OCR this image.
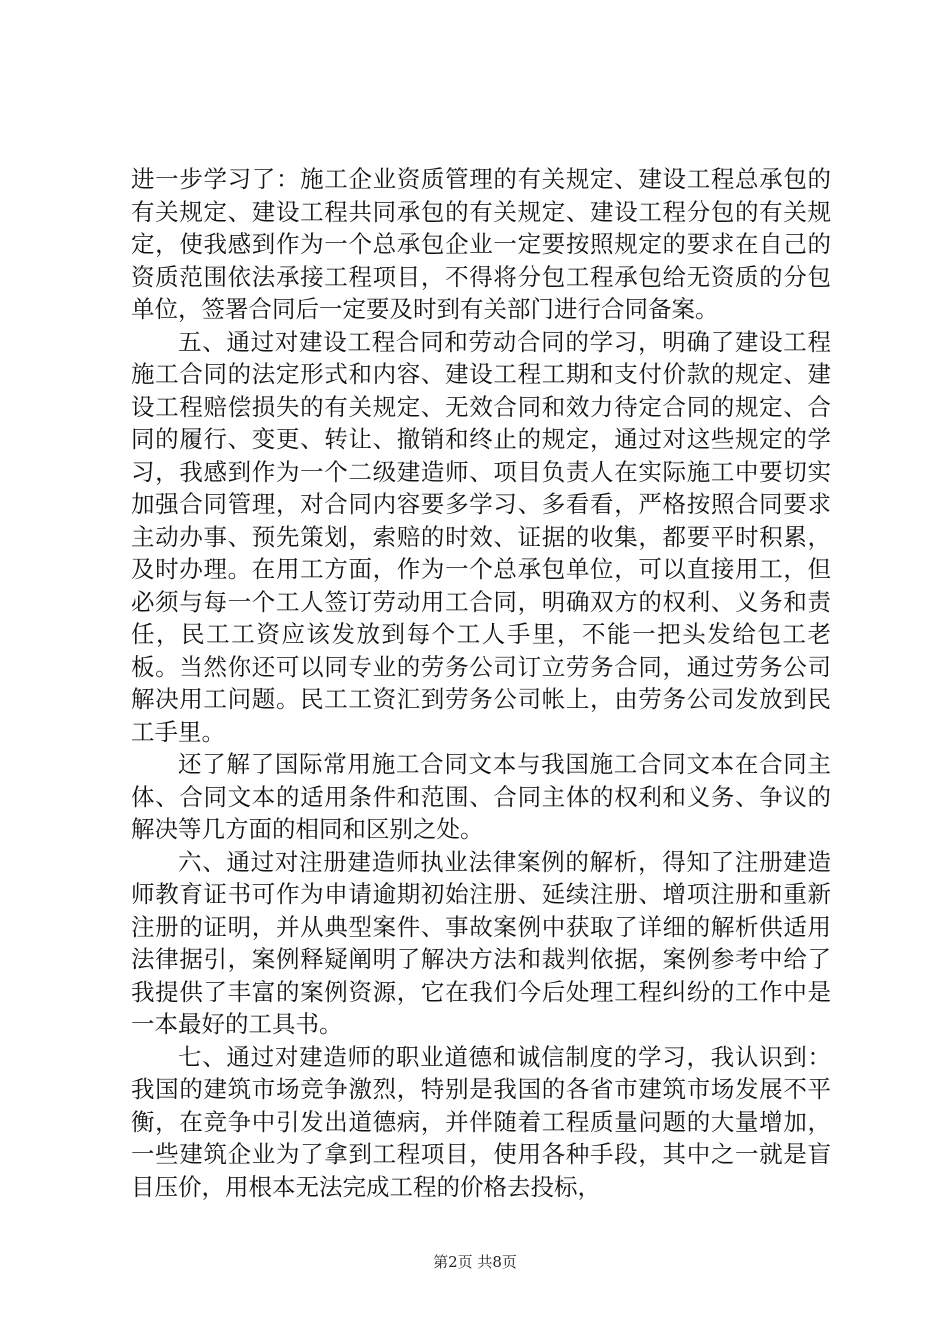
进一步学习了：施工企业资质管理的有关规定、建设工程总承包的有关规定、建设工程共同承包的有关规定、建设工程分包的有关规定，使我感到作为一个总承包企业一定要按照规定的要求在自己的资质范围依法承接工程项目，不得将分包工程承包给无资质的分包单位，签署合同后一定要及时到有关部门进行合同备案。

五、通过对建设工程合同和劳动合同的学习，明确了建设工程施工合同的法定形式和内容、建设工程工期和支付价款的规定、建设工程赔偿损失的有关规定、无效合同和效力待定合同的规定、合同的履行、变更、转让、撤销和终止的规定，通过对这些规定的学习，我感到作为一个二级建造师、项目负责人在实际施工中要切实加强合同管理，对合同内容要多学习、多看看，严格按照合同要求主动办事、预先策划，索赔的时效、证据的收集，都要平时积累，及时办理。在用工方面，作为一个总承包单位，可以直接用工，但必须与每一个工人签订劳动用工合同，明确双方的权利、义务和责任，民工工资应该发放到每个工人手里，不能一把头发给包工老板。当然你还可以同专业的劳务公司订立劳务合同，通过劳务公司解决用工问题。民工工资汇到劳务公司帐上，由劳务公司发放到民工手里。

还了解了国际常用施工合同文本与我国施工合同文本在合同主体、合同文本的适用条件和范围、合同主体的权利和义务、争议的解决等几方面的相同和区别之处。

六、通过对注册建造师执业法律案例的解析，得知了注册建造师教育证书可作为申请逾期初始注册、延续注册、增项注册和重新注册的证明，并从典型案件、事故案例中获取了详细的解析供适用法律据引，案例释疑阐明了解决方法和裁判依据，案例参考中给了我提供了丰富的案例资源，它在我们今后处理工程纠纷的工作中是一本最好的工具书。

七、通过对建造师的职业道德和诚信制度的学习，我认识到：我国的建筑市场竞争激烈，特别是我国的各省市建筑市场发展不平衡，在竞争中引发出道德病，并伴随着工程质量问题的大量增加，一些建筑企业为了拿到工程项目，使用各种手段，其中之一就是盲目压价，用根本无法完成工程的价格去投标，

第2页 共8页
